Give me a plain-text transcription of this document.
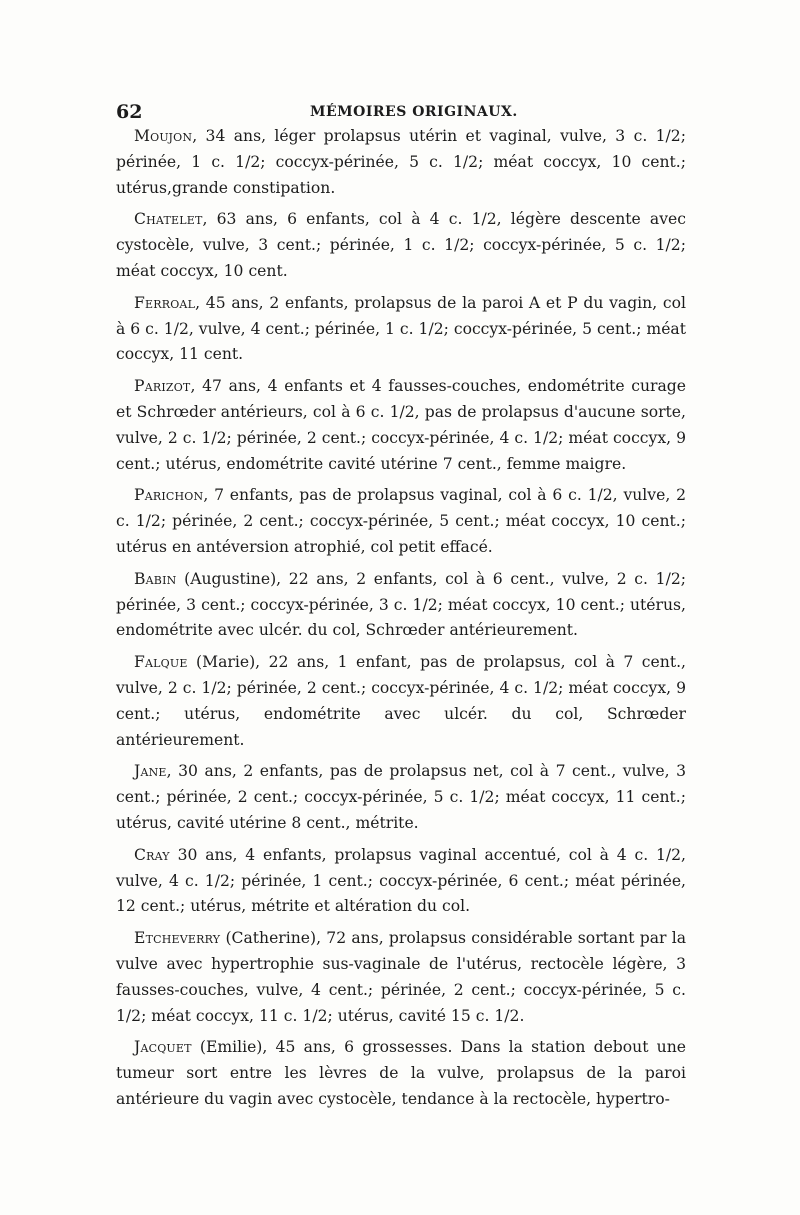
62	MÉMOIRES ORIGINAUX.

Moujon, 34 ans, léger prolapsus utérin et vaginal, vulve, 3 c. 1/2; périnée, 1 c. 1/2; coccyx-périnée, 5 c. 1/2; méat coccyx, 10 cent.; utérus,grande constipation.

Chatelet, 63 ans, 6 enfants, col à 4 c. 1/2, légère descente avec cystocèle, vulve, 3 cent.; périnée, 1 c. 1/2; coccyx-périnée, 5 c. 1/2; méat coccyx, 10 cent.

Ferroal, 45 ans, 2 enfants, prolapsus de la paroi A et P du vagin, col à 6 c. 1/2, vulve, 4 cent.; périnée, 1 c. 1/2; coccyx-périnée, 5 cent.; méat coccyx, 11 cent.

Parizot, 47 ans, 4 enfants et 4 fausses-couches, endométrite curage et Schrœder antérieurs, col à 6 c. 1/2, pas de prolapsus d'aucune sorte, vulve, 2 c. 1/2; périnée, 2 cent.; coccyx-périnée, 4 c. 1/2; méat coccyx, 9 cent.; utérus, endométrite cavité utérine 7 cent., femme maigre.

Parichon, 7 enfants, pas de prolapsus vaginal, col à 6 c. 1/2, vulve, 2 c. 1/2; périnée, 2 cent.; coccyx-périnée, 5 cent.; méat coccyx, 10 cent.; utérus en antéversion atrophié, col petit effacé.

Babin (Augustine), 22 ans, 2 enfants, col à 6 cent., vulve, 2 c. 1/2; périnée, 3 cent.; coccyx-périnée, 3 c. 1/2; méat coccyx, 10 cent.; utérus, endométrite avec ulcér. du col, Schrœder antérieurement.

Falque (Marie), 22 ans, 1 enfant, pas de prolapsus, col à 7 cent., vulve, 2 c. 1/2; périnée, 2 cent.; coccyx-périnée, 4 c. 1/2; méat coccyx, 9 cent.; utérus, endométrite avec ulcér. du col, Schrœder antérieurement.

Jane, 30 ans, 2 enfants, pas de prolapsus net, col à 7 cent., vulve, 3 cent.; périnée, 2 cent.; coccyx-périnée, 5 c. 1/2; méat coccyx, 11 cent.; utérus, cavité utérine 8 cent., métrite.

Cray 30 ans, 4 enfants, prolapsus vaginal accentué, col à 4 c. 1/2, vulve, 4 c. 1/2; périnée, 1 cent.; coccyx-périnée, 6 cent.; méat périnée, 12 cent.; utérus, métrite et altération du col.

Etcheverry (Catherine), 72 ans, prolapsus considérable sortant par la vulve avec hypertrophie sus-vaginale de l'utérus, rectocèle légère, 3 fausses-couches, vulve, 4 cent.; périnée, 2 cent.; coccyx-périnée, 5 c. 1/2; méat coccyx, 11 c. 1/2; utérus, cavité 15 c. 1/2.

Jacquet (Emilie), 45 ans, 6 grossesses. Dans la station debout une tumeur sort entre les lèvres de la vulve, prolapsus de la paroi antérieure du vagin avec cystocèle, tendance à la rectocèle, hypertro-
